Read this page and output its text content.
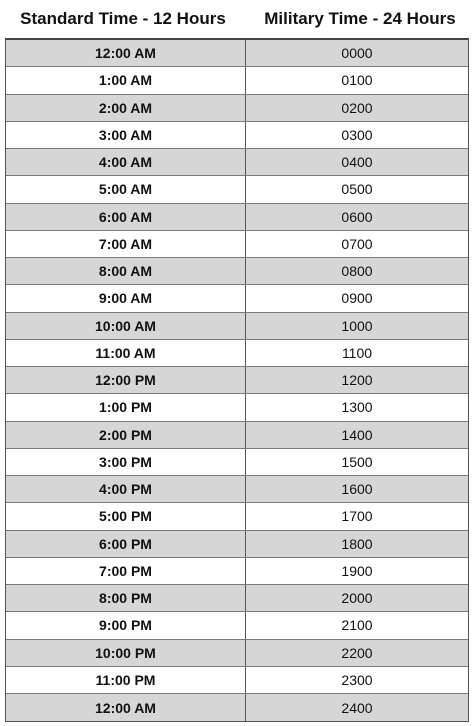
Standard Time - 12 Hours	Military Time - 24 Hours
12:00 AM	0000
1:00 AM	0100
2:00 AM	0200
3:00 AM	0300
4:00 AM	0400
5:00 AM	0500
6:00 AM	0600
7:00 AM	0700
8:00 AM	0800
9:00 AM	0900
10:00 AM	1000
11:00 AM	1100
12:00 PM	1200
1:00 PM	1300
2:00 PM	1400
3:00 PM	1500
4:00 PM	1600
5:00 PM	1700
6:00 PM	1800
7:00 PM	1900
8:00 PM	2000
9:00 PM	2100
10:00 PM	2200
11:00 PM	2300
12:00 AM	2400
